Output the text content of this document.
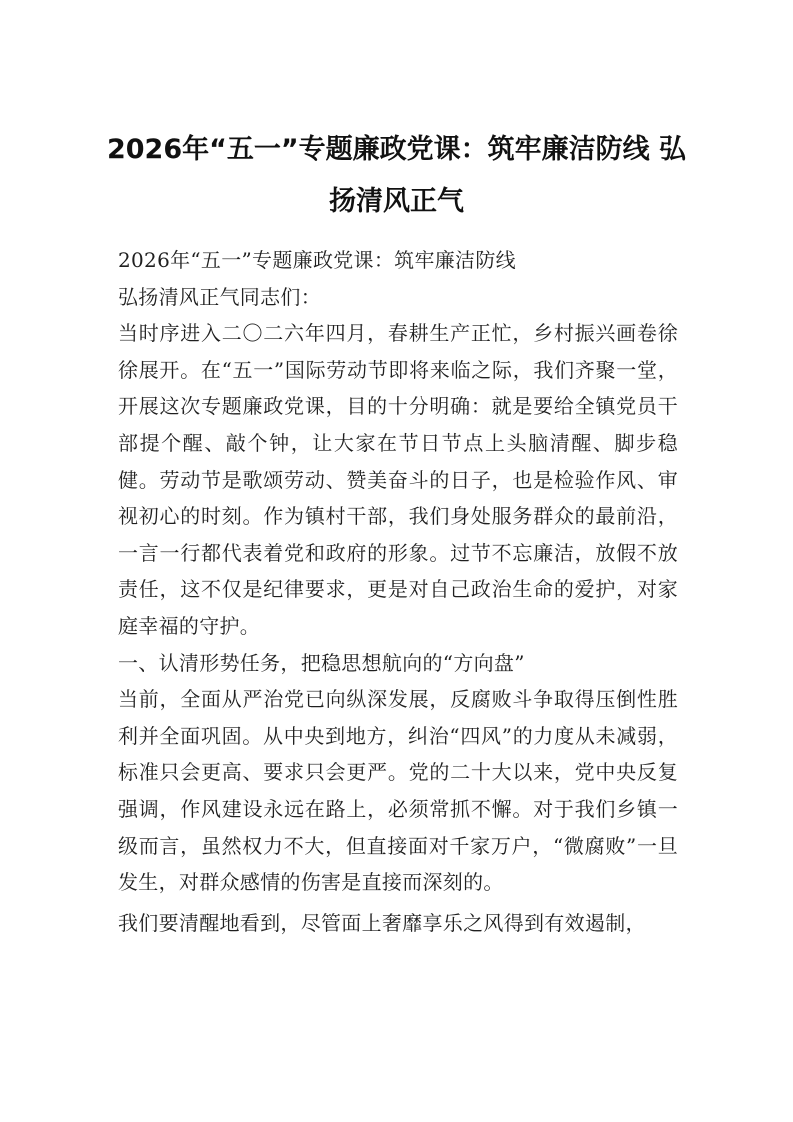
2026年“五一”专题廉政党课：筑牢廉洁防线 弘扬清风正气

2026年“五一”专题廉政党课：筑牢廉洁防线

弘扬清风正气同志们：

当时序进入二〇二六年四月，春耕生产正忙，乡村振兴画卷徐徐展开。在“五一”国际劳动节即将来临之际，我们齐聚一堂，开展这次专题廉政党课，目的十分明确：就是要给全镇党员干部提个醒、敲个钟，让大家在节日节点上头脑清醒、脚步稳健。劳动节是歌颂劳动、赞美奋斗的日子，也是检验作风、审视初心的时刻。作为镇村干部，我们身处服务群众的最前沿，一言一行都代表着党和政府的形象。过节不忘廉洁，放假不放责任，这不仅是纪律要求，更是对自己政治生命的爱护，对家庭幸福的守护。

一、认清形势任务，把稳思想航向的“方向盘”

当前，全面从严治党已向纵深发展，反腐败斗争取得压倒性胜利并全面巩固。从中央到地方，纠治“四风”的力度从未减弱，标准只会更高、要求只会更严。党的二十大以来，党中央反复强调，作风建设永远在路上，必须常抓不懈。对于我们乡镇一级而言，虽然权力不大，但直接面对千家万户，“微腐败”一旦发生，对群众感情的伤害是直接而深刻的。

我们要清醒地看到，尽管面上奢靡享乐之风得到有效遏制，
